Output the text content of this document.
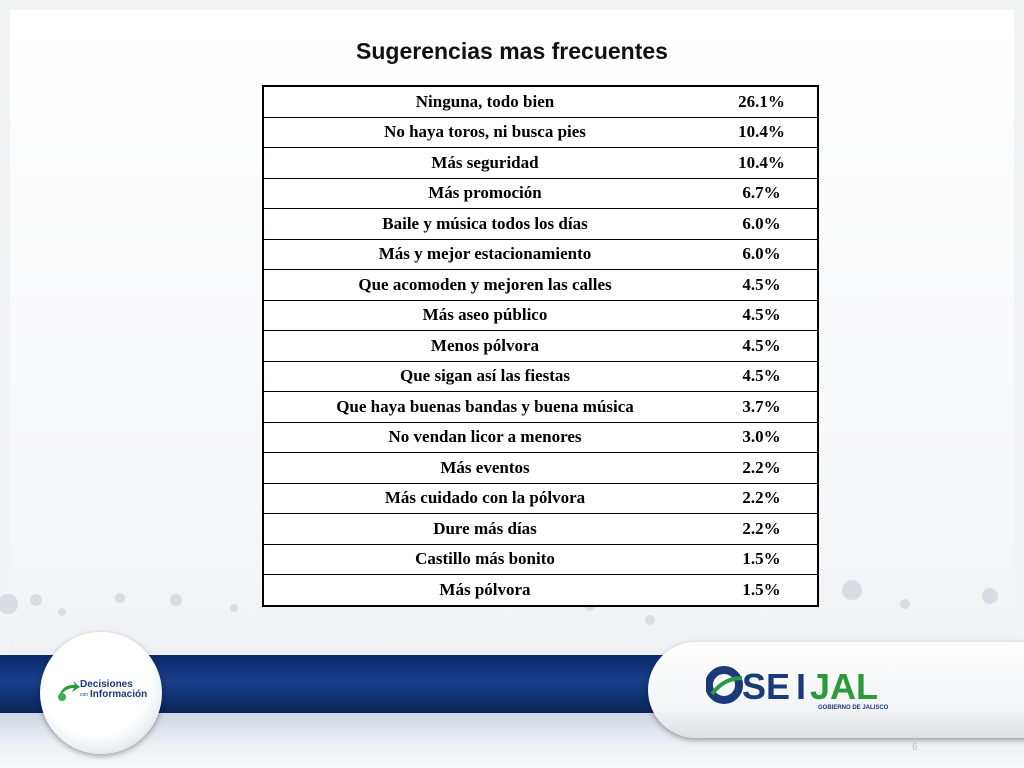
Sugerencias mas frecuentes
Ninguna, todo bien	26.1%
No haya toros, ni busca pies	10.4%
Más seguridad	10.4%
Más promoción	6.7%
Baile y música todos los días	6.0%
Más y mejor estacionamiento	6.0%
Que acomoden y mejoren las calles	4.5%
Más aseo público	4.5%
Menos pólvora	4.5%
Que sigan así las fiestas	4.5%
Que haya buenas bandas y buena música	3.7%
No vendan licor a menores	3.0%
Más eventos	2.2%
Más cuidado con la pólvora	2.2%
Dure más días	2.2%
Castillo más bonito	1.5%
Más pólvora	1.5%
Decisiones
con Información	SE I JAL
GOBIERNO DE JALISCO
6
